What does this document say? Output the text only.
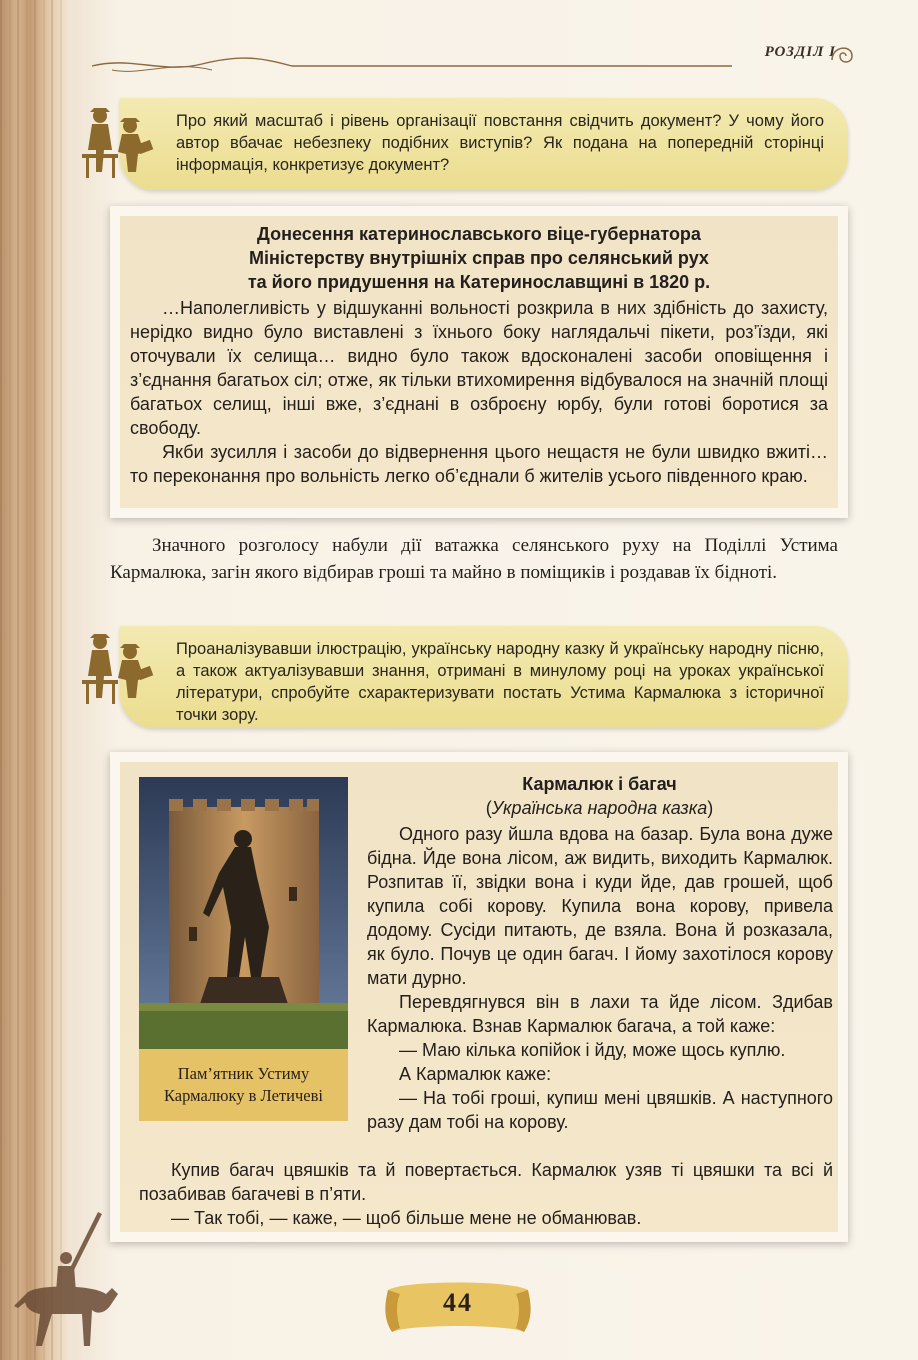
РОЗДІЛ І

Про який масштаб і рівень організації повстання свідчить документ? У чому його автор вбачає небезпеку подібних виступів? Як подана на попередній сторінці інформація, конкретизує документ?

Донесення катеринославського віце-губернатора
Міністерству внутрішніх справ про селянський рух
та його придушення на Катеринославщині в 1820 р.

…Наполегливість у відшуканні вольності розкрила в них здібність до захисту, нерідко видно було виставлені з їхнього боку наглядальчі пікети, роз’їзди, які оточували їх селища… видно було також вдосконалені засоби оповіщення і з’єднання багатьох сіл; отже, як тільки втихомирення відбувалося на значній площі багатьох селищ, інші вже, з’єднані в озброєну юрбу, були готові боротися за свободу.

Якби зусилля і засоби до відвернення цього нещастя не були швидко вжиті… то переконання про вольність легко об’єднали б жителів усього південного краю.

Значного розголосу набули дії ватажка селянського руху на Поділлі Устима Кармалюка, загін якого відбирав гроші та майно в поміщиків і роздавав їх бідноті.

Проаналізувавши ілюстрацію, українську народну казку й українську народну пісню, а також актуалізувавши знання, отримані в минулому році на уроках української літератури, спробуйте схарактеризувати постать Устима Кармалюка з історичної точки зору.

Пам’ятник Устиму
Кармалюку в Летичеві
Кармалюк і багач
(Українська народна казка)

Одного разу йшла вдова на базар. Була вона дуже бідна. Йде вона лісом, аж видить, виходить Кармалюк. Розпитав її, звідки вона і куди йде, дав грошей, щоб купила собі корову. Купила вона корову, привела додому. Сусіди питають, де взяла. Вона й розказала, як було. Почув це один багач. І йому захотілося корову мати дурно.

Перевдягнувся він в лахи та йде лісом. Здибав Кармалюка. Взнав Кармалюк багача, а той каже:

— Маю кілька копійок і йду, може щось куплю.

А Кармалюк каже:

— На тобі гроші, купиш мені цвяшків. А наступного разу дам тобі на корову.

Купив багач цвяшків та й повертається. Кармалюк узяв ті цвяшки та всі й позабивав багачеві в п’яти.

— Так тобі, — каже, — щоб більше мене не обманював.

44
